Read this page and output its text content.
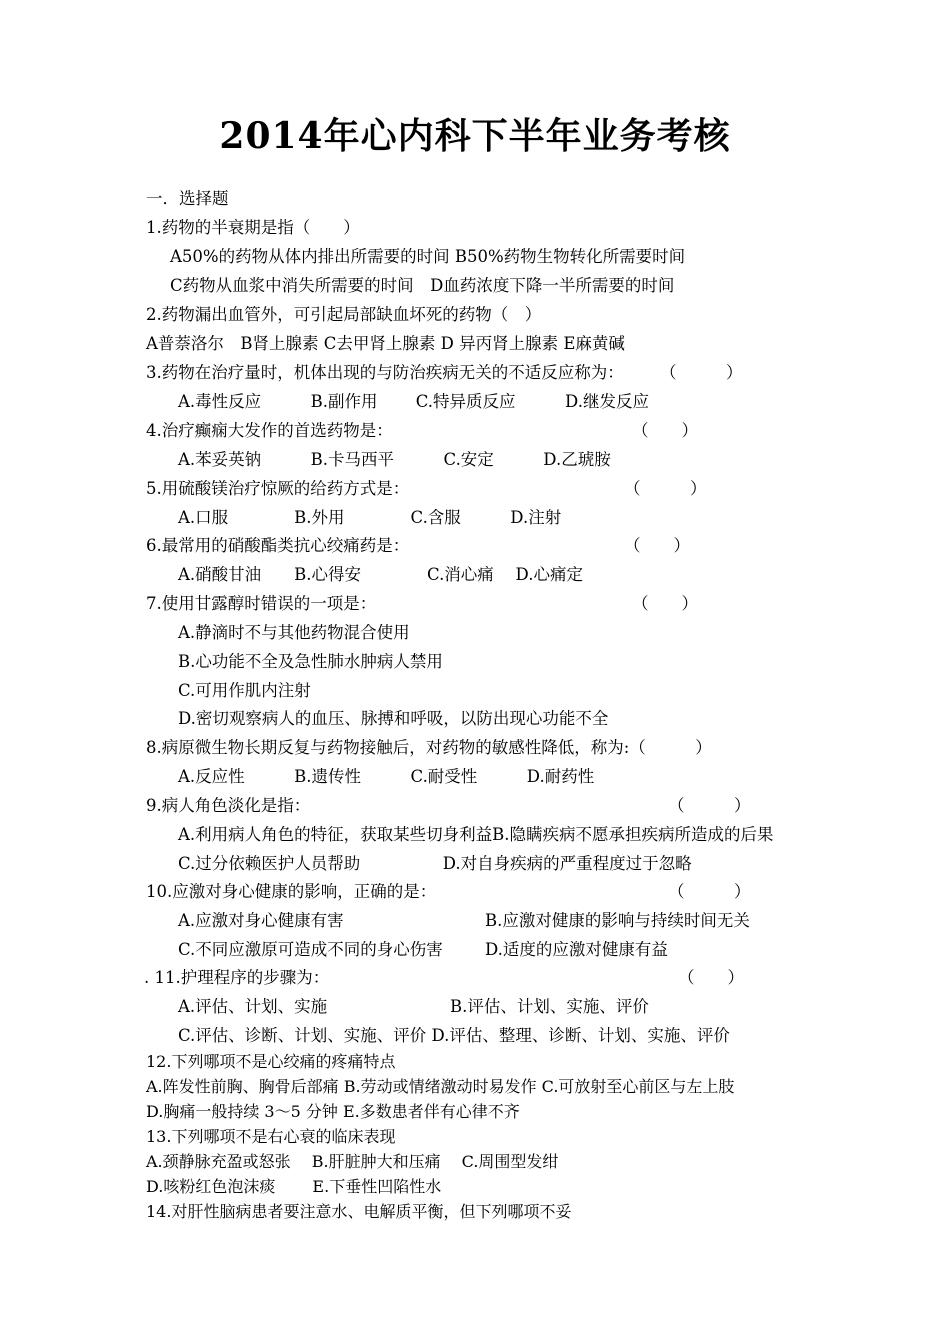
2014年心内科下半年业务考核
一．选择题
1.药物的半衰期是指（　　）
A50%的药物从体内排出所需要的时间 B50%药物生物转化所需要时间
C药物从血浆中消失所需要的时间　D血药浓度下降一半所需要的时间
2.药物漏出血管外，可引起局部缺血坏死的药物（　）
A普萘洛尔　B肾上腺素 C去甲肾上腺素 D 异丙肾上腺素 E麻黄碱
3.药物在治疗量时，机体出现的与防治疾病无关的不适反应称为： （　　　）
A.毒性反应　　　B.副作用　　 C.特异质反应　　　D.继发反应
4.治疗癫痫大发作的首选药物是：	（　　）
A.苯妥英钠　　　B.卡马西平　　　C.安定　　　D.乙琥胺
5.用硫酸镁治疗惊厥的给药方式是：	（　　　）
A.口服　　　　B.外用　　　　C.含服　　　D.注射
6.最常用的硝酸酯类抗心绞痛药是：	（　　）
A.硝酸甘油　　B.心得安　　　　C.消心痛　 D.心痛定
7.使用甘露醇时错误的一项是：	（　　）
A.静滴时不与其他药物混合使用
B.心功能不全及急性肺水肿病人禁用
C.可用作肌内注射
D.密切观察病人的血压、脉搏和呼吸，以防出现心功能不全
8.病原微生物长期反复与药物接触后，对药物的敏感性降低，称为:（　　　）
A.反应性　　　B.遗传性　　　C.耐受性　　　D.耐药性
9.病人角色淡化是指：	（　　　）
A.利用病人角色的特征，获取某些切身利益B.隐瞒疾病不愿承担疾病所造成的后果
C.过分依赖医护人员帮助　　　　　D.对自身疾病的严重程度过于忽略
10.应激对身心健康的影响，正确的是：	（　　　）
A.应激对身心健康有害	B.应激对健康的影响与持续时间无关
C.不同应激原可造成不同的身心伤害	D.适度的应激对健康有益
. 11.护理程序的步骤为：	（　　）
A.评估、计划、实施	B.评估、计划、实施、评价
C.评估、诊断、计划、实施、评价 D.评估、整理、诊断、计划、实施、评价
12.下列哪项不是心绞痛的疼痛特点
A.阵发性前胸、胸骨后部痛 B.劳动或情绪激动时易发作 C.可放射至心前区与左上肢
D.胸痛一般持续 3～5 分钟 E.多数患者伴有心律不齐
13.下列哪项不是右心衰的临床表现
A.颈静脉充盈或怒张　 B.肝脏肿大和压痛　 C.周围型发绀
D.咳粉红色泡沫痰　　 E.下垂性凹陷性水
14.对肝性脑病患者要注意水、电解质平衡，但下列哪项不妥
